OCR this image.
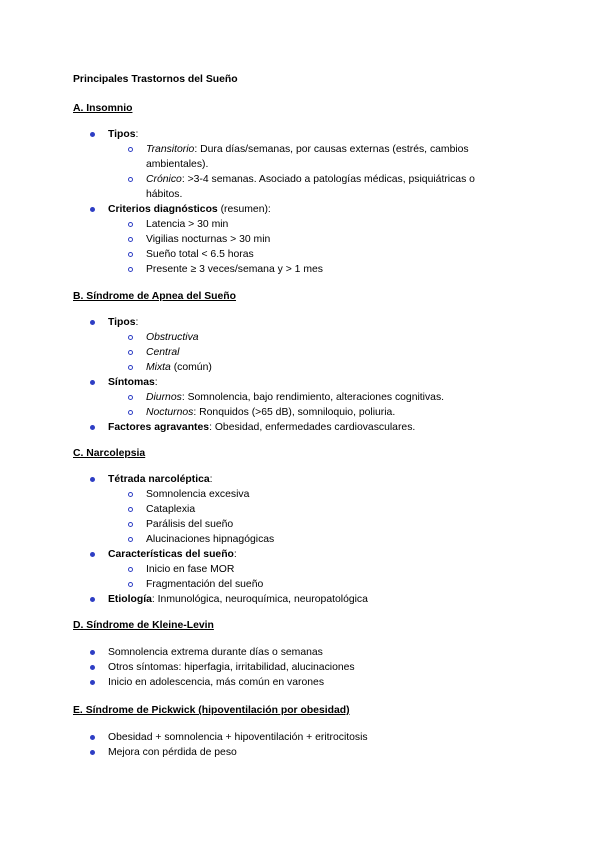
Principales Trastornos del Sueño
A. Insomnio
Tipos:
Transitorio: Dura días/semanas, por causas externas (estrés, cambios ambientales).
Crónico: >3-4 semanas. Asociado a patologías médicas, psiquiátricas o hábitos.
Criterios diagnósticos (resumen):
Latencia > 30 min
Vigilias nocturnas > 30 min
Sueño total < 6.5 horas
Presente ≥ 3 veces/semana y > 1 mes
B. Síndrome de Apnea del Sueño
Tipos:
Obstructiva
Central
Mixta (común)
Síntomas:
Diurnos: Somnolencia, bajo rendimiento, alteraciones cognitivas.
Nocturnos: Ronquidos (>65 dB), somniloquio, poliuria.
Factores agravantes: Obesidad, enfermedades cardiovasculares.
C. Narcolepsia
Tétrada narcoléptica:
Somnolencia excesiva
Cataplexia
Parálisis del sueño
Alucinaciones hipnagógicas
Características del sueño:
Inicio en fase MOR
Fragmentación del sueño
Etiología: Inmunológica, neuroquímica, neuropatológica
D. Síndrome de Kleine-Levin
Somnolencia extrema durante días o semanas
Otros síntomas: hiperfagia, irritabilidad, alucinaciones
Inicio en adolescencia, más común en varones
E. Síndrome de Pickwick (hipoventilación por obesidad)
Obesidad + somnolencia + hipoventilación + eritrocitosis
Mejora con pérdida de peso
